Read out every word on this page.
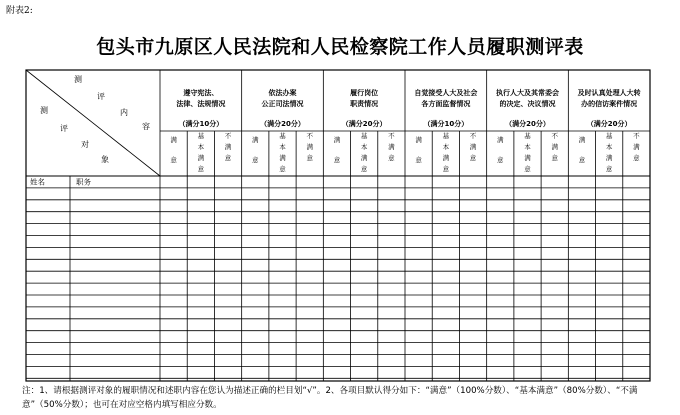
附表2:
包头市九原区人民法院和人民检察院工作人员履职测评表
测
评
内
容
测
评
对
象
遵守宪法、
法律、法规情况
（满分10分）
满
意
基
本
满
意
不
满
意
依法办案
公正司法情况
（满分20分）
满
意
基
本
满
意
不
满
意
履行岗位
职责情况
（满分20分）
满
意
基
本
满
意
不
满
意
自觉接受人大及社会
各方面监督情况
（满分10分）
满
意
基
本
满
意
不
满
意
执行人大及其常委会
的决定、决议情况
（满分20分）
满
意
基
本
满
意
不
满
意
及时认真处理人大转
办的信访案件情况
（满分20分）
满
意
基
本
满
意
不
满
意
姓名	职务
注：1、请根据测评对象的履职情况和述职内容在您认为描述正确的栏目划“√”。2、各项目默认得分如下：“满意”（100%分数）、“基本满意”（80%分数）、“不满意”（50%分数）；也可在对应空格内填写相应分数。
